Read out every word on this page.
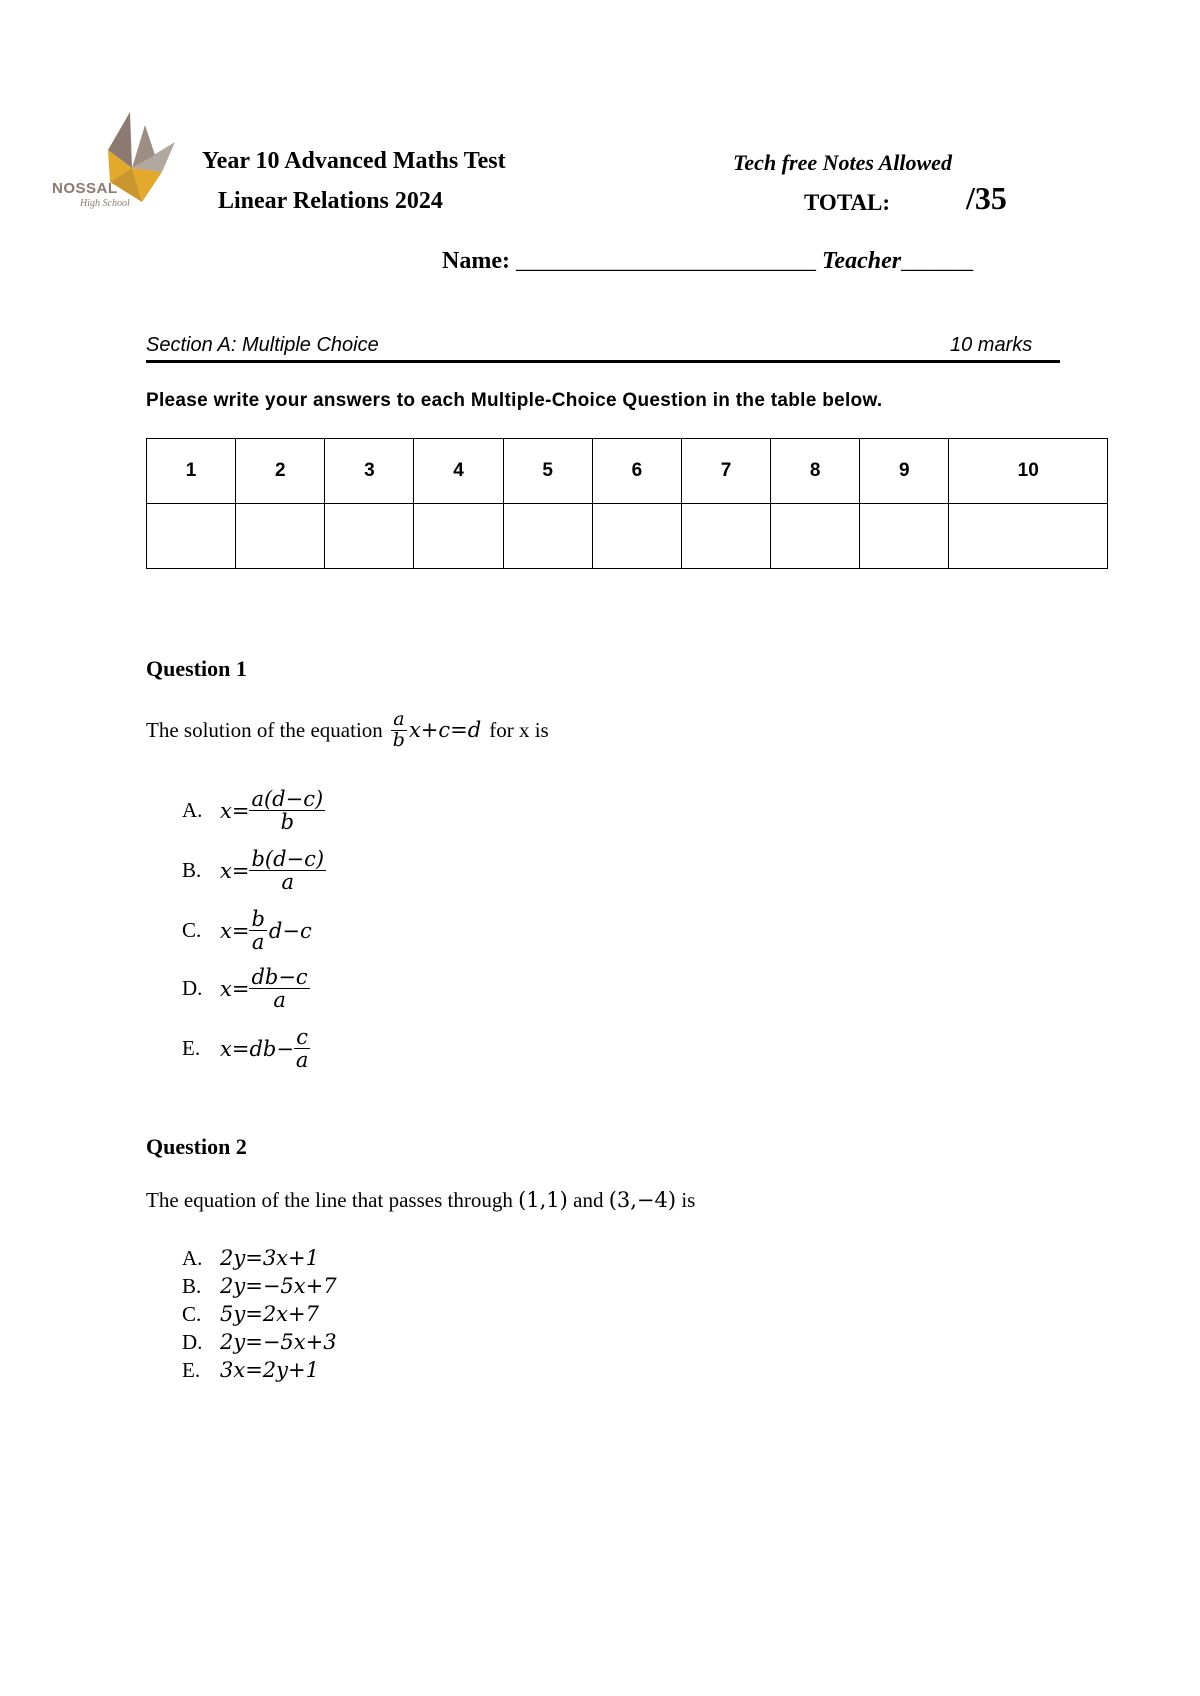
NOSSAL
High School
Year 10 Advanced Maths Test
Linear Relations 2024
Tech free Notes Allowed
TOTAL: /35
Name: _________________________ Teacher______
Section A: Multiple Choice	10 marks
Please write your answers to each Multiple-Choice Question in the table below.
1	2	3	4	5	6	7	8	9	10

Question 1
The solution of the equation $\frac{a}{b} x+c=d$ for x is
A. $x= \frac{a(d-c)}{b}$
B. $x= \frac{b(d-c)}{a}$
C. $x= \frac{b}{a} d-c$
D. $x= \frac{db-c}{a}$
E. $x=db- \frac{c}{a}$
Question 2
The equation of the line that passes through (1,1) and (3,−4) is
A. 2y=3x+1
B. 2y=−5x+7
C. 5y=2x+7
D. 2y=−5x+3
E. 3x=2y+1
